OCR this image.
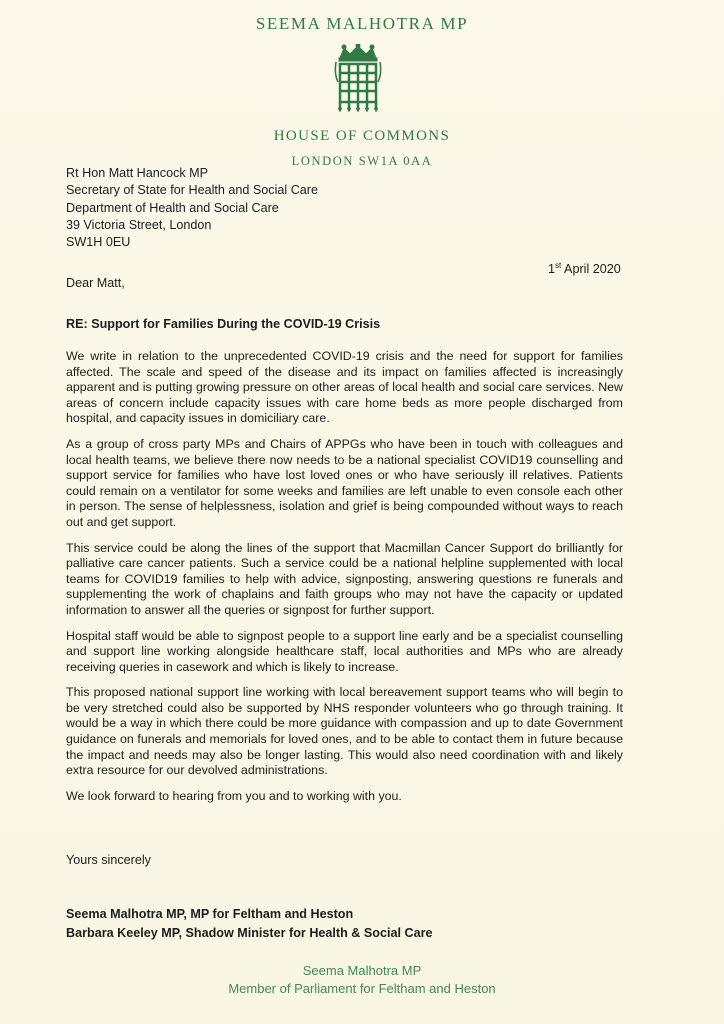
SEEMA MALHOTRA MP
HOUSE OF COMMONS
LONDON SW1A 0AA
Rt Hon Matt Hancock MP
Secretary of State for Health and Social Care
Department of Health and Social Care
39 Victoria Street, London
SW1H 0EU
1st April 2020
Dear Matt,
RE: Support for Families During the COVID-19 Crisis

We write in relation to the unprecedented COVID-19 crisis and the need for support for families affected. The scale and speed of the disease and its impact on families affected is increasingly apparent and is putting growing pressure on other areas of local health and social care services. New areas of concern include capacity issues with care home beds as more people discharged from hospital, and capacity issues in domiciliary care.

As a group of cross party MPs and Chairs of APPGs who have been in touch with colleagues and local health teams, we believe there now needs to be a national specialist COVID19 counselling and support service for families who have lost loved ones or who have seriously ill relatives. Patients could remain on a ventilator for some weeks and families are left unable to even console each other in person. The sense of helplessness, isolation and grief is being compounded without ways to reach out and get support.

This service could be along the lines of the support that Macmillan Cancer Support do brilliantly for palliative care cancer patients. Such a service could be a national helpline supplemented with local teams for COVID19 families to help with advice, signposting, answering questions re funerals and supplementing the work of chaplains and faith groups who may not have the capacity or updated information to answer all the queries or signpost for further support.

Hospital staff would be able to signpost people to a support line early and be a specialist counselling and support line working alongside healthcare staff, local authorities and MPs who are already receiving queries in casework and which is likely to increase.

This proposed national support line working with local bereavement support teams who will begin to be very stretched could also be supported by NHS responder volunteers who go through training. It would be a way in which there could be more guidance with compassion and up to date Government guidance on funerals and memorials for loved ones, and to be able to contact them in future because the impact and needs may also be longer lasting. This would also need coordination with and likely extra resource for our devolved administrations.

We look forward to hearing from you and to working with you.

Yours sincerely
Seema Malhotra MP, MP for Feltham and Heston
Barbara Keeley MP, Shadow Minister for Health & Social Care
Seema Malhotra MP
Member of Parliament for Feltham and Heston
